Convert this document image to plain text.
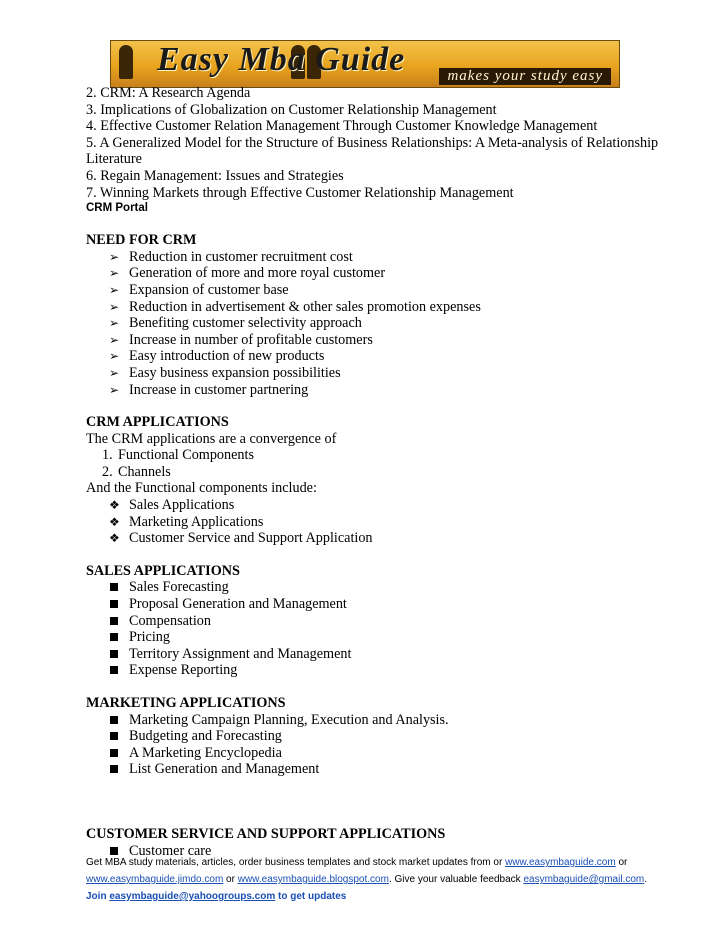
Easy Mba Guide	makes your study easy

2. CRM: A Research Agenda

3. Implications of Globalization on Customer Relationship Management

4. Effective Customer Relation Management Through Customer Knowledge Management

5. A Generalized Model for the Structure of Business Relationships: A Meta-analysis of Relationship Literature

6. Regain Management: Issues and Strategies

7. Winning Markets through Effective Customer Relationship Management

CRM Portal

NEED FOR CRM

➢ Reduction in customer recruitment cost
➢ Generation of more and more royal customer
➢ Expansion of customer base
➢ Reduction in advertisement & other sales promotion expenses
➢ Benefiting customer selectivity approach
➢ Increase in number of profitable customers
➢ Easy introduction of new products
➢ Easy business expansion possibilities
➢ Increase in customer partnering

CRM APPLICATIONS

The CRM applications are a convergence of

1. Functional Components
2. Channels

And the Functional components include:

❖ Sales Applications
❖ Marketing Applications
❖ Customer Service and Support Application

SALES APPLICATIONS

Sales Forecasting
Proposal Generation and Management
Compensation
Pricing
Territory Assignment and Management
Expense Reporting

MARKETING APPLICATIONS

Marketing Campaign Planning, Execution and Analysis.
Budgeting and Forecasting
A Marketing Encyclopedia
List Generation and Management

CUSTOMER SERVICE AND SUPPORT APPLICATIONS

Customer care
Get MBA study materials, articles, order business templates and stock market updates from or www.easymbaguide.com or
www.easymbaguide.jimdo.com or www.easymbaguide.blogspot.com. Give your valuable feedback easymbaguide@gmail.com.
Join easymbaguide@yahoogroups.com to get updates
